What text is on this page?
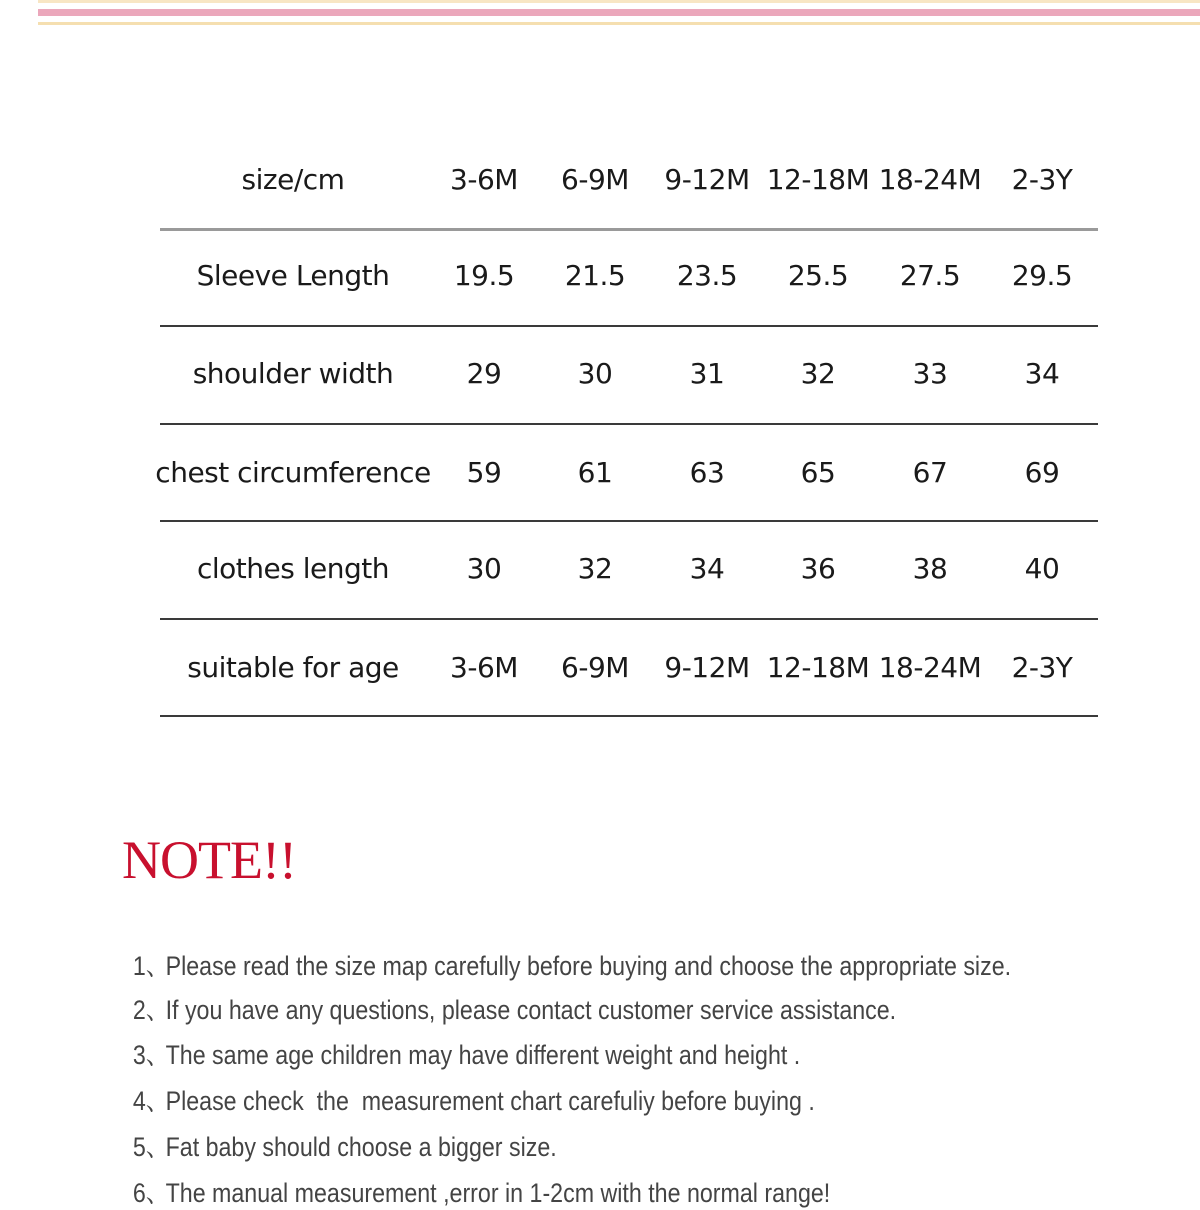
size/cm	3-6M 6-9M 9-12M 12-18M 18-24M 2-3Y
Sleeve Length 19.5 21.5 23.5 25.5 27.5 29.5
shoulder width	29	30	31	32	33	34
chest circumference 59	61	63	65	67	69
clothes length	30	32	34	36	38	40
suitable for age 3-6M 6-9M 9-12M 12-18M 18-24M 2-3Y
NOTE!!

1、Please read the size map carefully before buying and choose the appropriate size.

2、If you have any questions, please contact customer service assistance.

3、The same age children may have different weight and height .

4、Please check  the  measurement chart carefuliy before buying .

5、Fat baby should choose a bigger size.

6、The manual measurement ,error in 1-2cm with the normal range!
